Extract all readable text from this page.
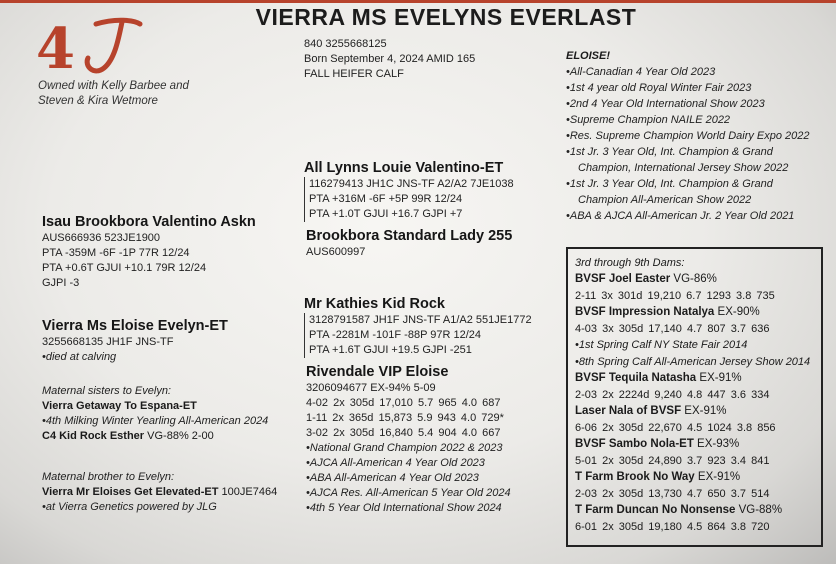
4
Owned with Kelly Barbee and
Steven & Kira Wetmore
VIERRA MS EVELYNS EVERLAST
840 3255668125
Born September 4, 2024 AMID 165
FALL HEIFER CALF
All Lynns Louie Valentino-ET
116279413 JH1C JNS-TF A2/A2 7JE1038
PTA +316M -6F +5P 99R 12/24
PTA +1.0T GJUI +16.7 GJPI +7
Brookbora Standard Lady 255
AUS600997
Isau Brookbora Valentino Askn
AUS666936 523JE1900
PTA -359M -6F -1P 77R 12/24
PTA +0.6T GJUI +10.1 79R 12/24
GJPI -3
Vierra Ms Eloise Evelyn-ET
3255668135 JH1F JNS-TF
•died at calving
Maternal sisters to Evelyn:
Vierra Getaway To Espana-ET
•4th Milking Winter Yearling All-American 2024
C4 Kid Rock Esther VG-88% 2-00
Maternal brother to Evelyn:
Vierra Mr Eloises Get Elevated-ET 100JE7464
•at Vierra Genetics powered by JLG
Mr Kathies Kid Rock
3128791587 JH1F JNS-TF A1/A2 551JE1772
PTA -2281M -101F -88P 97R 12/24
PTA +1.6T GJUI +19.5 GJPI -251
Rivendale VIP Eloise
3206094677 EX-94% 5-09
4-02 2x 305d 17,010 5.7 965 4.0 687
1-11 2x 365d 15,873 5.9 943 4.0 729*
3-02 2x 305d 16,840 5.4 904 4.0 667
•National Grand Champion 2022 & 2023
•AJCA All-American 4 Year Old 2023
•ABA All-American 4 Year Old 2023
•AJCA Res. All-American 5 Year Old 2024
•4th 5 Year Old International Show 2024
ELOISE!
•All-Canadian 4 Year Old 2023
•1st 4 year old Royal Winter Fair 2023
•2nd 4 Year Old International Show 2023
•Supreme Champion NAILE 2022
•Res. Supreme Champion World Dairy Expo 2022
•1st Jr. 3 Year Old, Int. Champion & Grand
Champion, International Jersey Show 2022
•1st Jr. 3 Year Old, Int. Champion & Grand
Champion All-American Show 2022
•ABA & AJCA All-American Jr. 2 Year Old 2021
3rd through 9th Dams:
BVSF Joel Easter VG-86%
2-11 3x 301d 19,210 6.7 1293 3.8 735
BVSF Impression Natalya EX-90%
4-03 3x 305d 17,140 4.7 807 3.7 636
•1st Spring Calf NY State Fair 2014
•8th Spring Calf All-American Jersey Show 2014
BVSF Tequila Natasha EX-91%
2-03 2x 2224d 9,240 4.8 447 3.6 334
Laser Nala of BVSF EX-91%
6-06 2x 305d 22,670 4.5 1024 3.8 856
BVSF Sambo Nola-ET EX-93%
5-01 2x 305d 24,890 3.7 923 3.4 841
T Farm Brook No Way EX-91%
2-03 2x 305d 13,730 4.7 650 3.7 514
T Farm Duncan No Nonsense VG-88%
6-01 2x 305d 19,180 4.5 864 3.8 720
